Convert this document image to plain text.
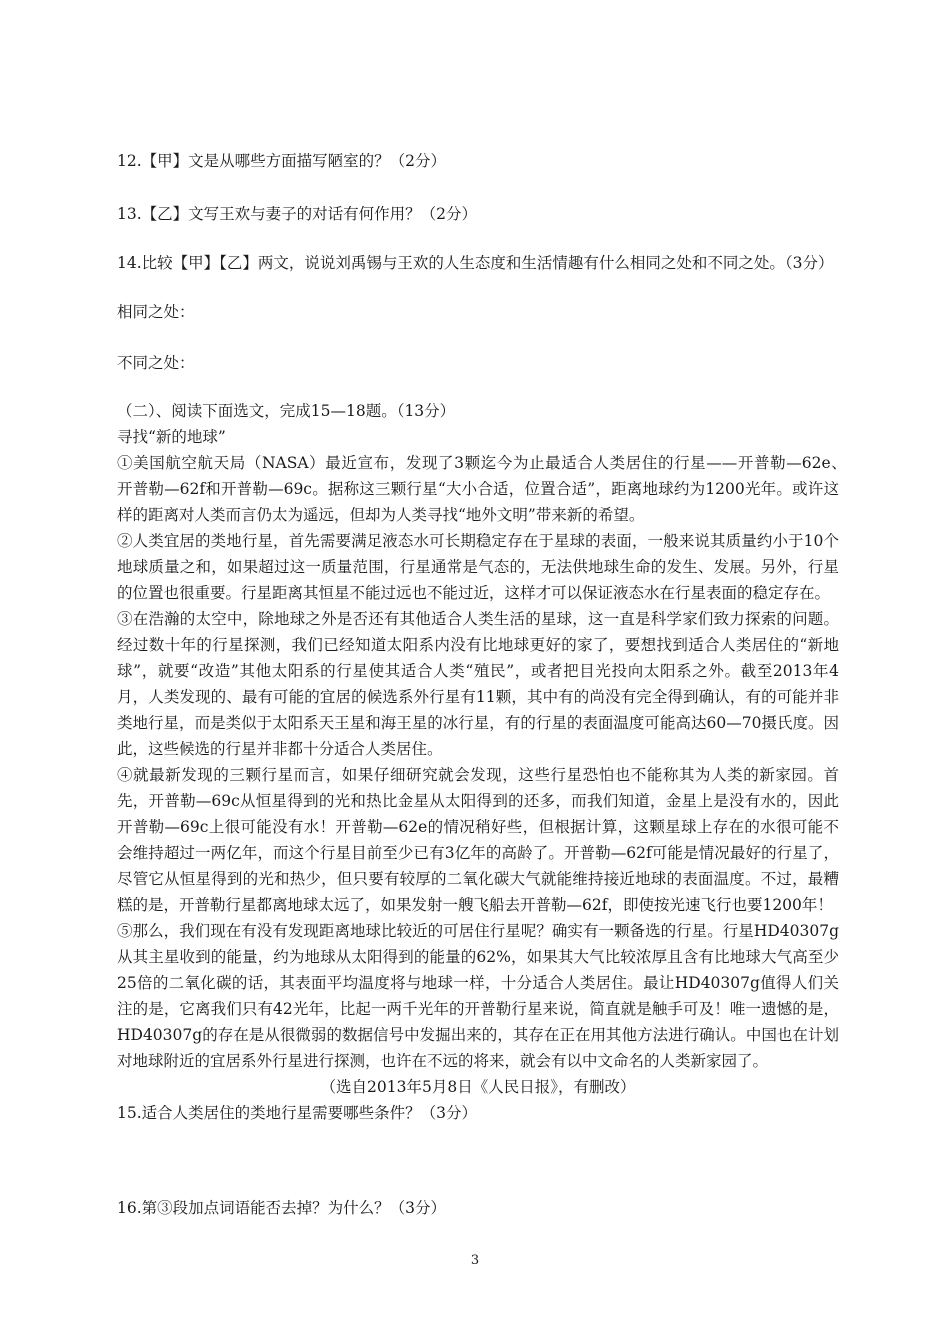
12.【甲】文是从哪些方面描写陋室的？（2分）
13.【乙】文写王欢与妻子的对话有何作用？（2分）
14.比较【甲】【乙】两文，说说刘禹锡与王欢的人生态度和生活情趣有什么相同之处和不同之处。（3分）
相同之处：
不同之处：
（二）、阅读下面选文，完成15—18题。（13分）
寻找“新的地球”
①美国航空航天局（NASA）最近宣布，发现了3颗迄今为止最适合人类居住的行星——开普勒—62e、　开普勒—62f和开普勒—69c。据称这三颗行星“大小合适，位置合适”，距离地球约为1200光年。或许这样的距离对人类而言仍太为遥远，但却为人类寻找“地外文明”带来新的希望。
②人类宜居的类地行星，首先需要满足液态水可长期稳定存在于星球的表面，一般来说其质量约小于10个地球质量之和，如果超过这一质量范围，行星通常是气态的，无法供地球生命的发生、发展。另外，行星的位置也很重要。行星距离其恒星不能过远也不能过近，这样才可以保证液态水在行星表面的稳定存在。
③在浩瀚的太空中，除地球之外是否还有其他适合人类生活的星球，这一直是科学家们致力探索的问题。经过数十年的行星探测，我们已经知道太阳系内没有比地球更好的家了，要想找到适合人类居住的“新地球”，就要“改造”其他太阳系的行星使其适合人类“殖民”，或者把目光投向太阳系之外。截至2013年4月，人类发现的、最有可能的宜居的候选系外行星有11颗，其中有的尚没有完全得到确认，有的可能并非类地行星，而是类似于太阳系天王星和海王星的冰行星，有的行星的表面温度可能高达60—70摄氏度。因此，这些候选的行星并非都十分适合人类居住。
④就最新发现的三颗行星而言，如果仔细研究就会发现，这些行星恐怕也不能称其为人类的新家园。首先，开普勒—69c从恒星得到的光和热比金星从太阳得到的还多，而我们知道，金星上是没有水的，因此开普勒—69c上很可能没有水！开普勒—62e的情况稍好些，但根据计算，这颗星球上存在的水很可能不会维持超过一两亿年，而这个行星目前至少已有3亿年的高龄了。开普勒—62f可能是情况最好的行星了，尽管它从恒星得到的光和热少，但只要有较厚的二氧化碳大气就能维持接近地球的表面温度。不过，最糟糕的是，开普勒行星都离地球太远了，如果发射一艘飞船去开普勒—62f，即使按光速飞行也要1200年！
⑤那么，我们现在有没有发现距离地球比较近的可居住行星呢？确实有一颗备选的行星。行星HD40307g从其主星收到的能量，约为地球从太阳得到的能量的62%，如果其大气比较浓厚且含有比地球大气高至少25倍的二氧化碳的话，其表面平均温度将与地球一样，十分适合人类居住。最让HD40307g值得人们关注的是，它离我们只有42光年，比起一两千光年的开普勒行星来说，简直就是触手可及！唯一遗憾的是，HD40307g的存在是从很微弱的数据信号中发掘出来的，其存在正在用其他方法进行确认。中国也在计划对地球附近的宜居系外行星进行探测，也许在不远的将来，就会有以中文命名的人类新家园了。
（选自2013年5月8日《人民日报》，有删改）
15.适合人类居住的类地行星需要哪些条件？（3分）
16.第③段加点词语能否去掉？为什么？（3分）
3
